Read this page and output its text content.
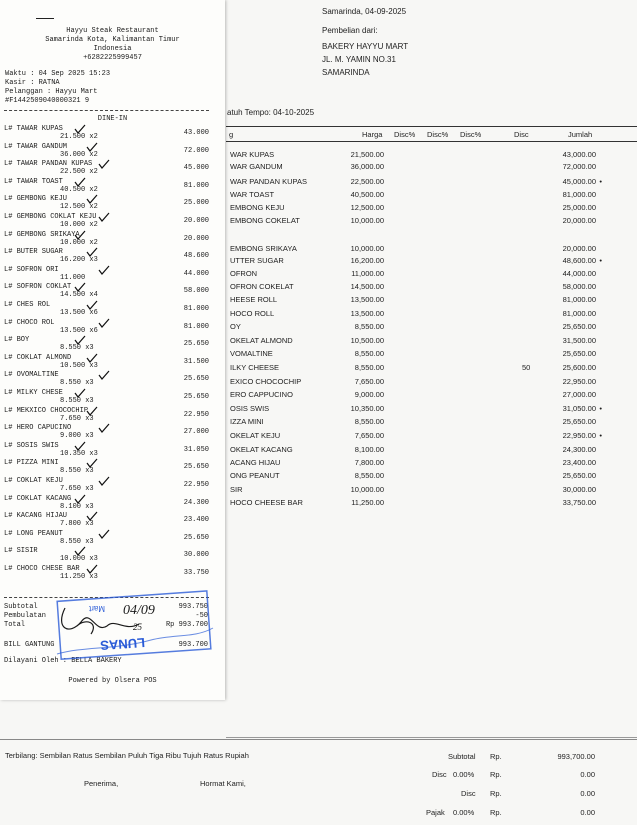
Samarinda, 04-09-2025
Pembelian dari:
BAKERY HAYYU MART
JL. M. YAMIN NO.31
SAMARINDA
atuh Tempo: 04-10-2025
g	Harga Disc% Disc% Disc%	Disc	Jumlah
WAR KUPAS	21,500.00	43,000.00
WAR GANDUM	36,000.00	72,000.00
WAR PANDAN KUPAS	22,500.00	45,000.00 •
WAR TOAST	40,500.00	81,000.00
EMBONG KEJU	12,500.00	25,000.00
EMBONG COKELAT	10,000.00	20,000.00
EMBONG SRIKAYA	10,000.00	20,000.00
UTTER SUGAR	16,200.00	48,600.00 •
OFRON	11,000.00	44,000.00
OFRON COKELAT	14,500.00	58,000.00
HEESE ROLL	13,500.00	81,000.00
HOCO ROLL	13,500.00	81,000.00
OY	8,550.00	25,650.00
OKELAT ALMOND	10,500.00	31,500.00
VOMALTINE	8,550.00	25,650.00
ILKY CHEESE	8,550.00	50	25,600.00
EXICO CHOCOCHIP	7,650.00	22,950.00
ERO CAPPUCINO	9,000.00	27,000.00
OSIS SWIS	10,350.00	31,050.00 •
IZZA MINI	8,550.00	25,650.00
OKELAT KEJU	7,650.00	22,950.00 •
OKELAT KACANG	8,100.00	24,300.00
ACANG HIJAU	7,800.00	23,400.00
ONG PEANUT	8,550.00	25,650.00
SIR	10,000.00	30,000.00
HOCO CHEESE BAR	11,250.00	33,750.00
Terbilang: Sembilan Ratus Sembilan Puluh Tiga Ribu Tujuh Ratus Rupiah
Penerima,	Hormat Kami,
Subtotal Rp.	993,700.00
Disc 0.00% Rp.	0.00
Disc Rp.	0.00
Pajak 0.00% Rp.	0.00
Hayyu Steak Restaurant
Samarinda Kota, Kalimantan Timur
Indonesia
+6282225999457
Waktu : 04 Sep 2025 15:23
Kasir : RATNA
Pelanggan : Hayyu Mart
#F1442509040000321 9
DINE-IN
L# TAWAR KUPAS
21.500 x2	43.000
L# TAWAR GANDUM
36.000 x2	72.000
L# TAWAR PANDAN KUPAS
22.500 x2	45.000
L# TAWAR TOAST
40.500 x2	81.000
L# GEMBONG KEJU
12.500 x2	25.000
L# GEMBONG COKLAT KEJU
10.000 x2	20.000
L# GEMBONG SRIKAYA
10.000 x2	20.000
L# BUTER SUGAR
16.200 x3	48.600
L# SOFRON ORI
11.000	44.000
L# SOFRON COKLAT
14.500 x4	58.000
L# CHES ROL
13.500 x6	81.000
L# CHOCO ROL
13.500 x6	81.000
L# BOY
8.550 x3	25.650
L# COKLAT ALMOND
10.500 x3	31.500
L# OVOMALTINE
8.550 x3	25.650
L# MILKY CHESE
8.550 x3	25.650
L# MEKXICO CHOCOCHIP
7.650 x3	22.950
L# HERO CAPUCINO
9.000 x3	27.000
L# SOSIS SWIS
10.350 x3	31.050
L# PIZZA MINI
8.550 x3	25.650
L# COKLAT KEJU
7.650 x3	22.950
L# COKLAT KACANG
8.100 x3	24.300
L# KACANG HIJAU
7.800 x3	23.400
L# LONG PEANUT
8.550 x3	25.650
L# SISIR
10.000 x3	30.000
L# CHOCO CHESE BAR
11.250 x3	33.750
Subtotal	993.750
Pembulatan	-50
Total	Rp 993.700
BILL GANTUNG	993.700
Dilayani Oleh : BELLA BAKERY
Powered by Olsera POS
LUNAS
Mart 04/09
25
